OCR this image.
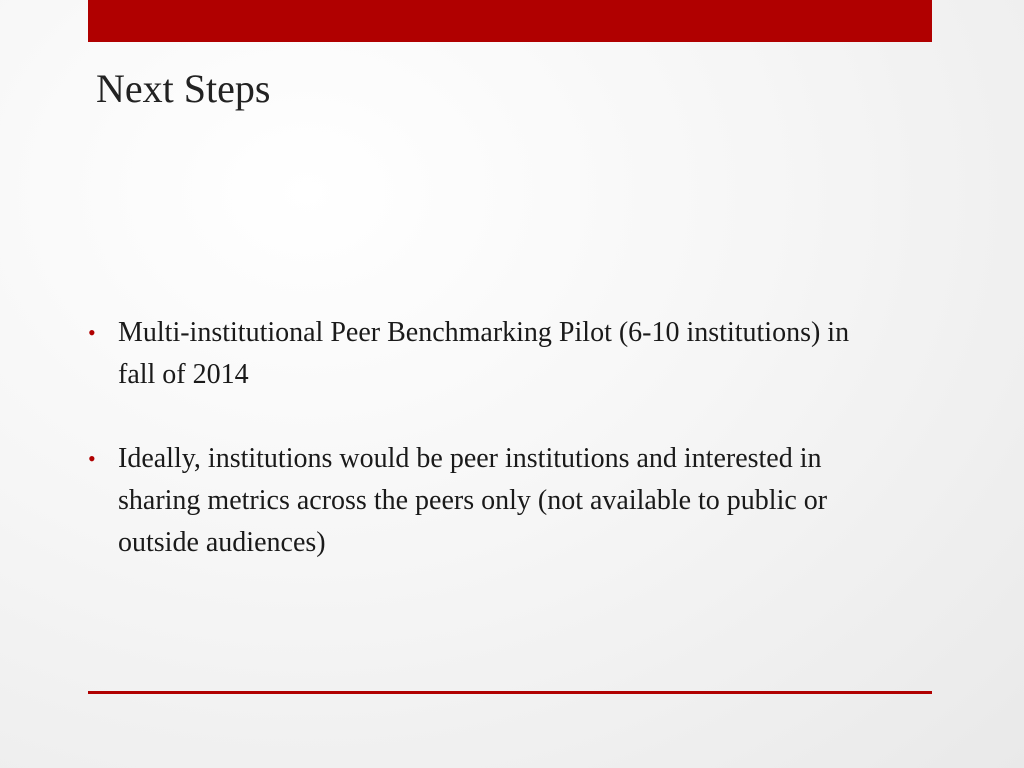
Next Steps
• Multi-institutional Peer Benchmarking Pilot (6-10 institutions) in fall of 2014
• Ideally, institutions would be peer institutions and interested in sharing metrics across the peers only (not available to public or outside audiences)
